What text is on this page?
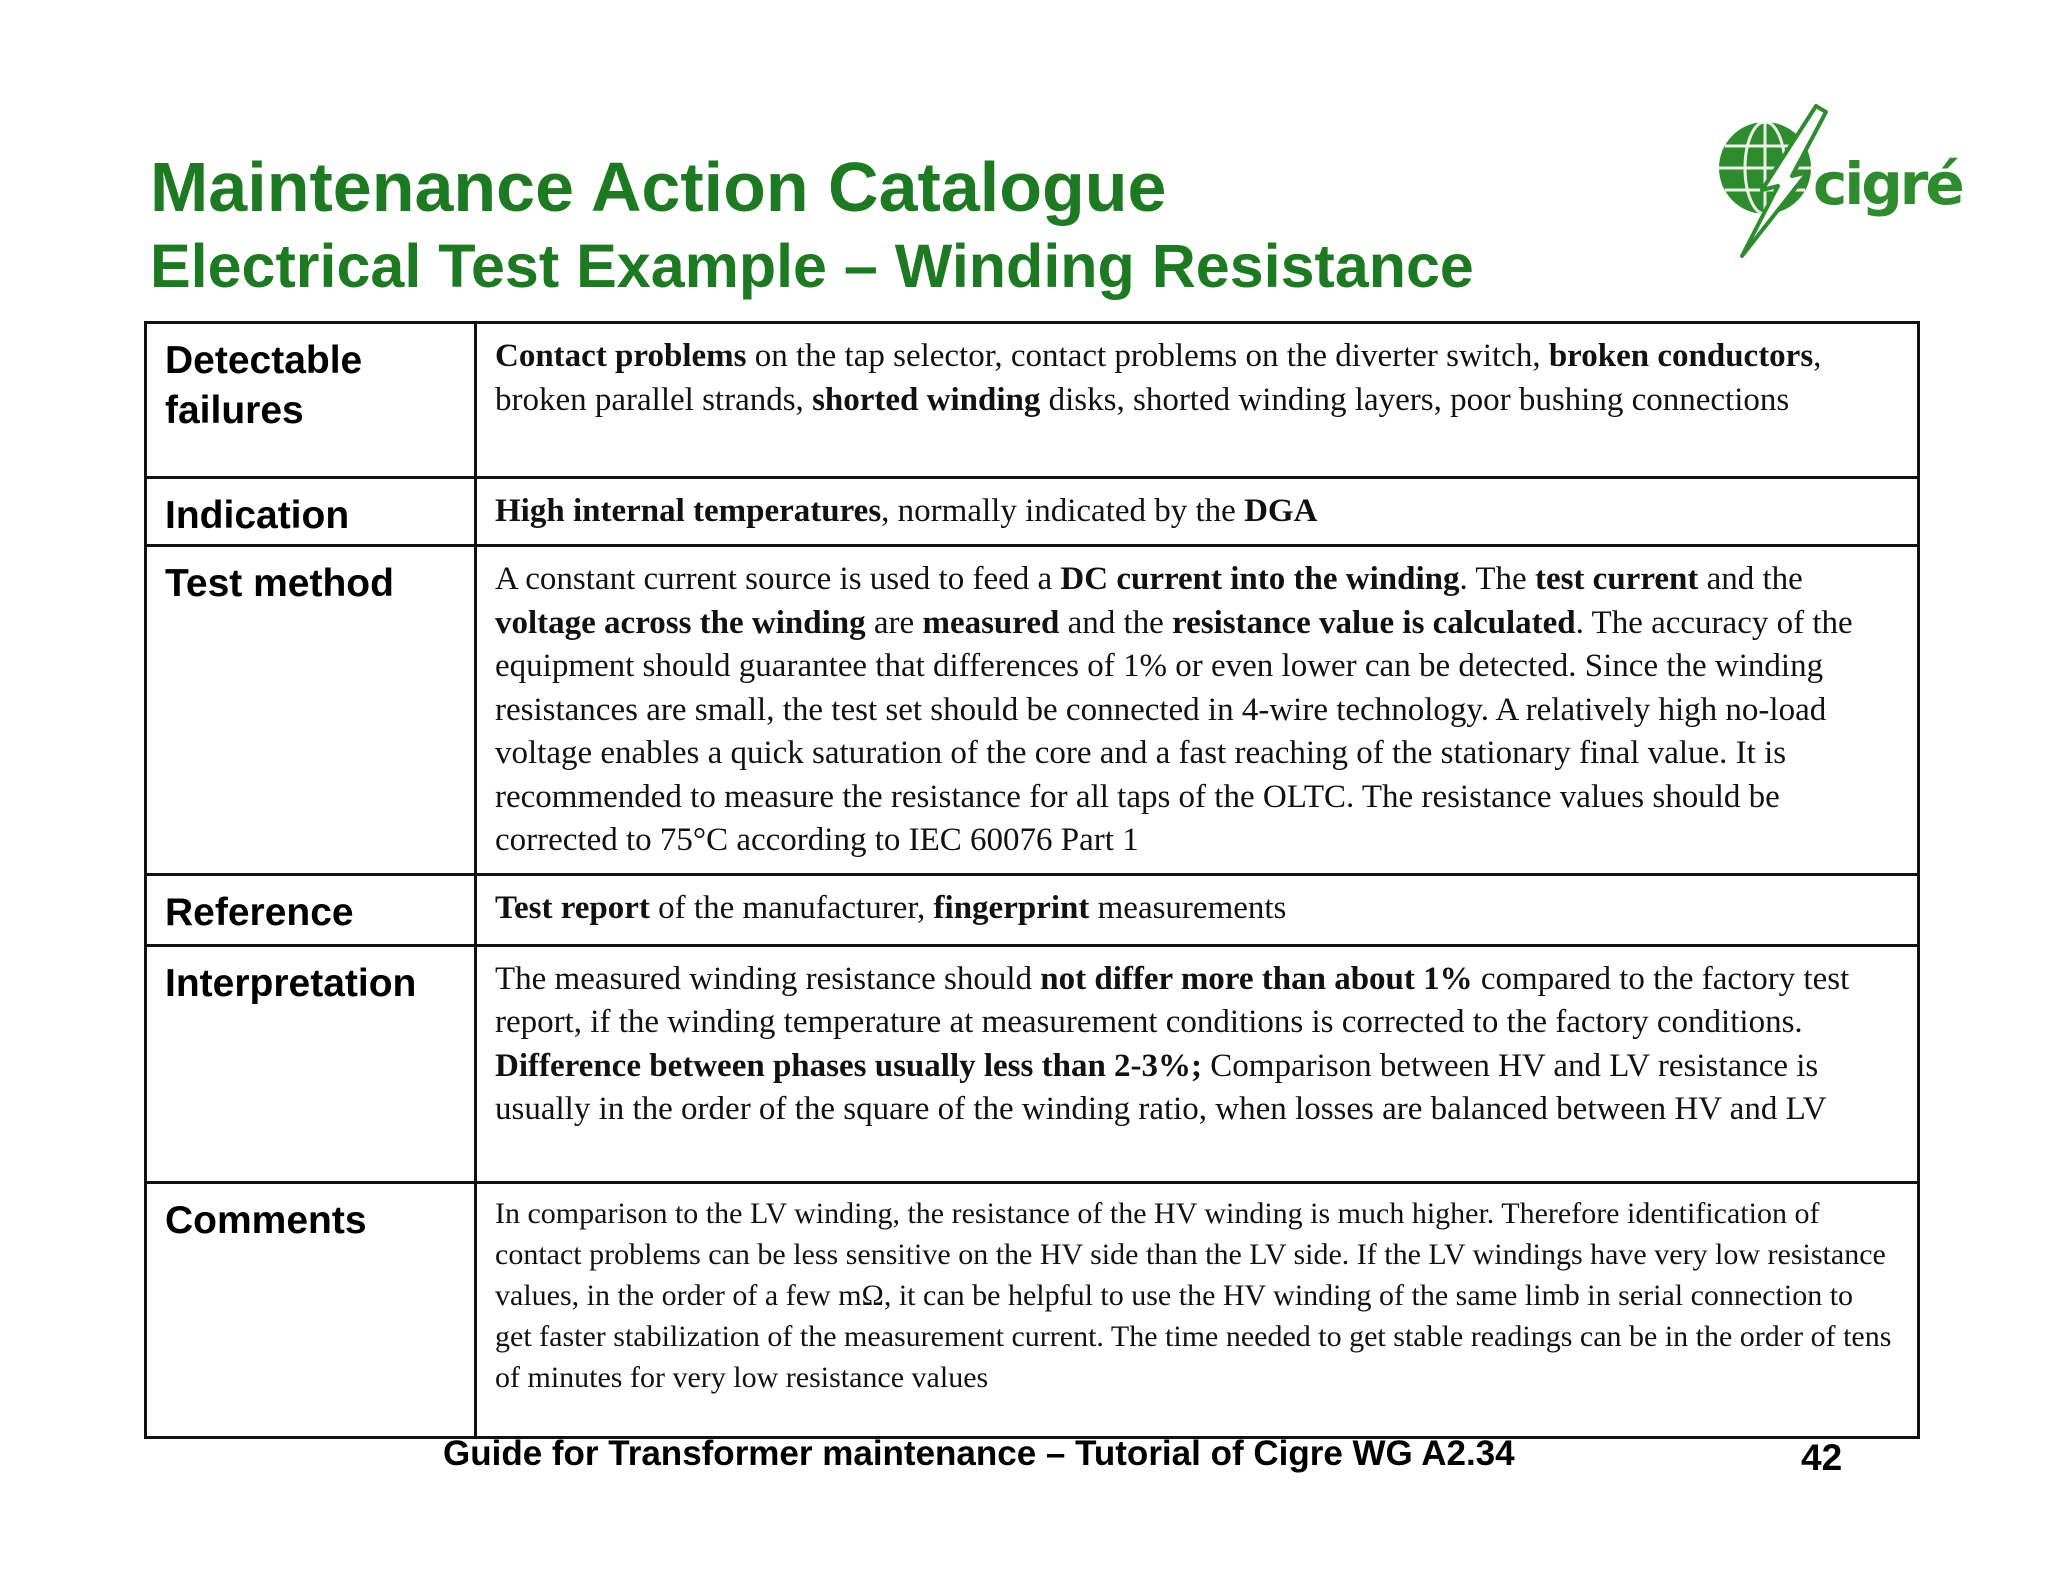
Maintenance Action Catalogue
Electrical Test Example – Winding Resistance
cigré
Detectable failures	Contact problems on the tap selector, contact problems on the diverter switch, broken conductors, broken parallel strands, shorted winding disks, shorted winding layers, poor bushing connections
Indication	High internal temperatures, normally indicated by the DGA
Test method	A constant current source is used to feed a DC current into the winding. The test current and the voltage across the winding are measured and the resistance value is calculated. The accuracy of the equipment should guarantee that differences of 1% or even lower can be detected. Since the winding resistances are small, the test set should be connected in 4-wire technology. A relatively high no-load voltage enables a quick saturation of the core and a fast reaching of the stationary final value. It is recommended to measure the resistance for all taps of the OLTC. The resistance values should be corrected to 75°C according to IEC 60076 Part 1
Reference	Test report of the manufacturer, fingerprint measurements
Interpretation	The measured winding resistance should not differ more than about 1% compared to the factory test report, if the winding temperature at measurement conditions is corrected to the factory conditions. Difference between phases usually less than 2-3%; Comparison between HV and LV resistance is usually in the order of the square of the winding ratio, when losses are balanced between HV and LV
Comments	In comparison to the LV winding, the resistance of the HV winding is much higher. Therefore identification of contact problems can be less sensitive on the HV side than the LV side. If the LV windings have very low resistance values, in the order of a few mΩ, it can be helpful to use the HV winding of the same limb in serial connection to get faster stabilization of the measurement current. The time needed to get stable readings can be in the order of tens of minutes for very low resistance values
Guide for Transformer maintenance – Tutorial of Cigre WG A2.34	42
